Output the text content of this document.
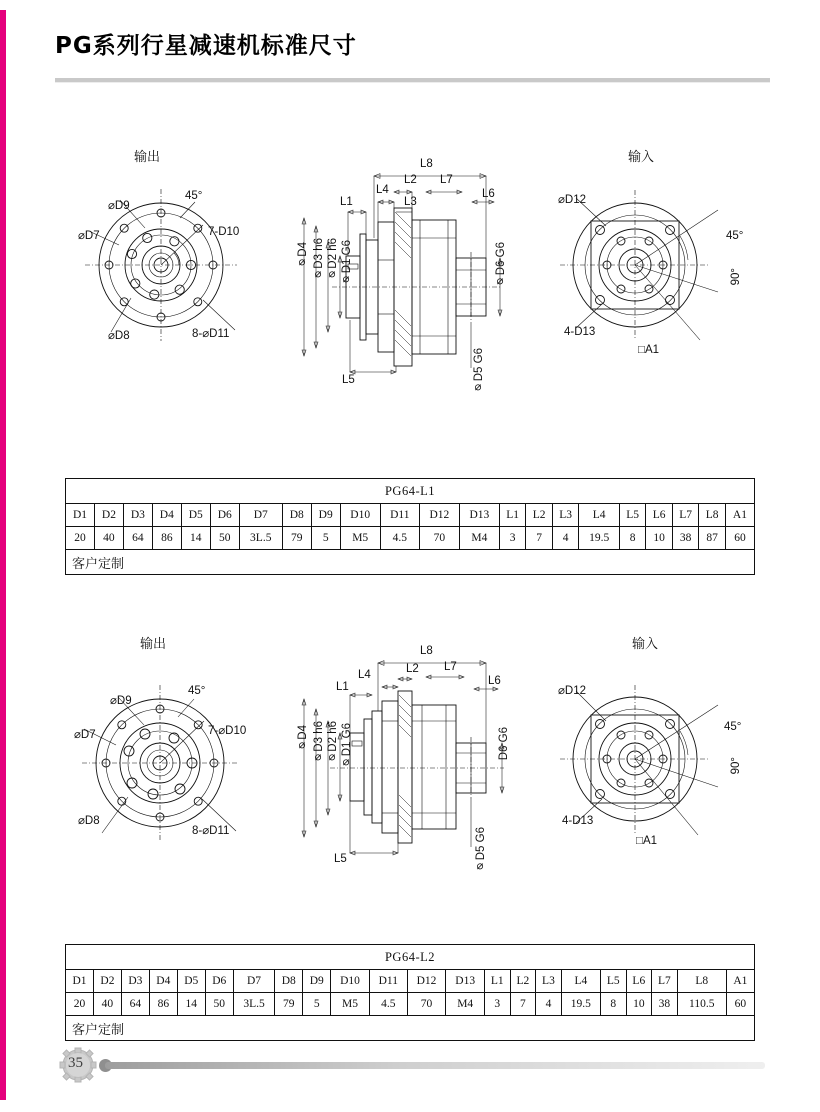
PG系列行星减速机标准尺寸
输出	输入
⌀D9
45°
7-D10
⌀D7
⌀D8	8-⌀D11
L8
L4
L2 L7
L1	L3
L6
⌀D4 ⌀D3 h6 ⌀D2 h6 ⌀D1 G6	⌀D6 G6
L5	⌀D5 G6
⌀D12
45°
90°
4-D13
□A1
PG64-L1																					
D1	D2	D3	D4	D5	D6	D7	D8	D9	D10	D11	D12	D13	L1	L2	L3	L4	L5	L6	L7	L8	A1
20	40	64	86	14	50	3L.5	79	5	M5	4.5	70	M4	3	7	4	19.5	8	10	38	87	60
客户定制																					
输出	输入
⌀D9
45°
7-⌀D10
⌀D7
⌀D8
8-⌀D11
L8
L4	L2 L7
L1	L6
⌀D4 ⌀D3 h6 ⌀D2 h6 ⌀D1 G6	D6 G6
L5	⌀D5 G6
⌀D12
45°
90°
4-D13
□A1
PG64-L2																					
D1	D2	D3	D4	D5	D6	D7	D8	D9	D10	D11	D12	D13	L1	L2	L3	L4	L5	L6	L7	L8	A1
20	40	64	86	14	50	3L.5	79	5	M5	4.5	70	M4	3	7	4	19.5	8	10	38	110.5	60
客户定制																					
35
